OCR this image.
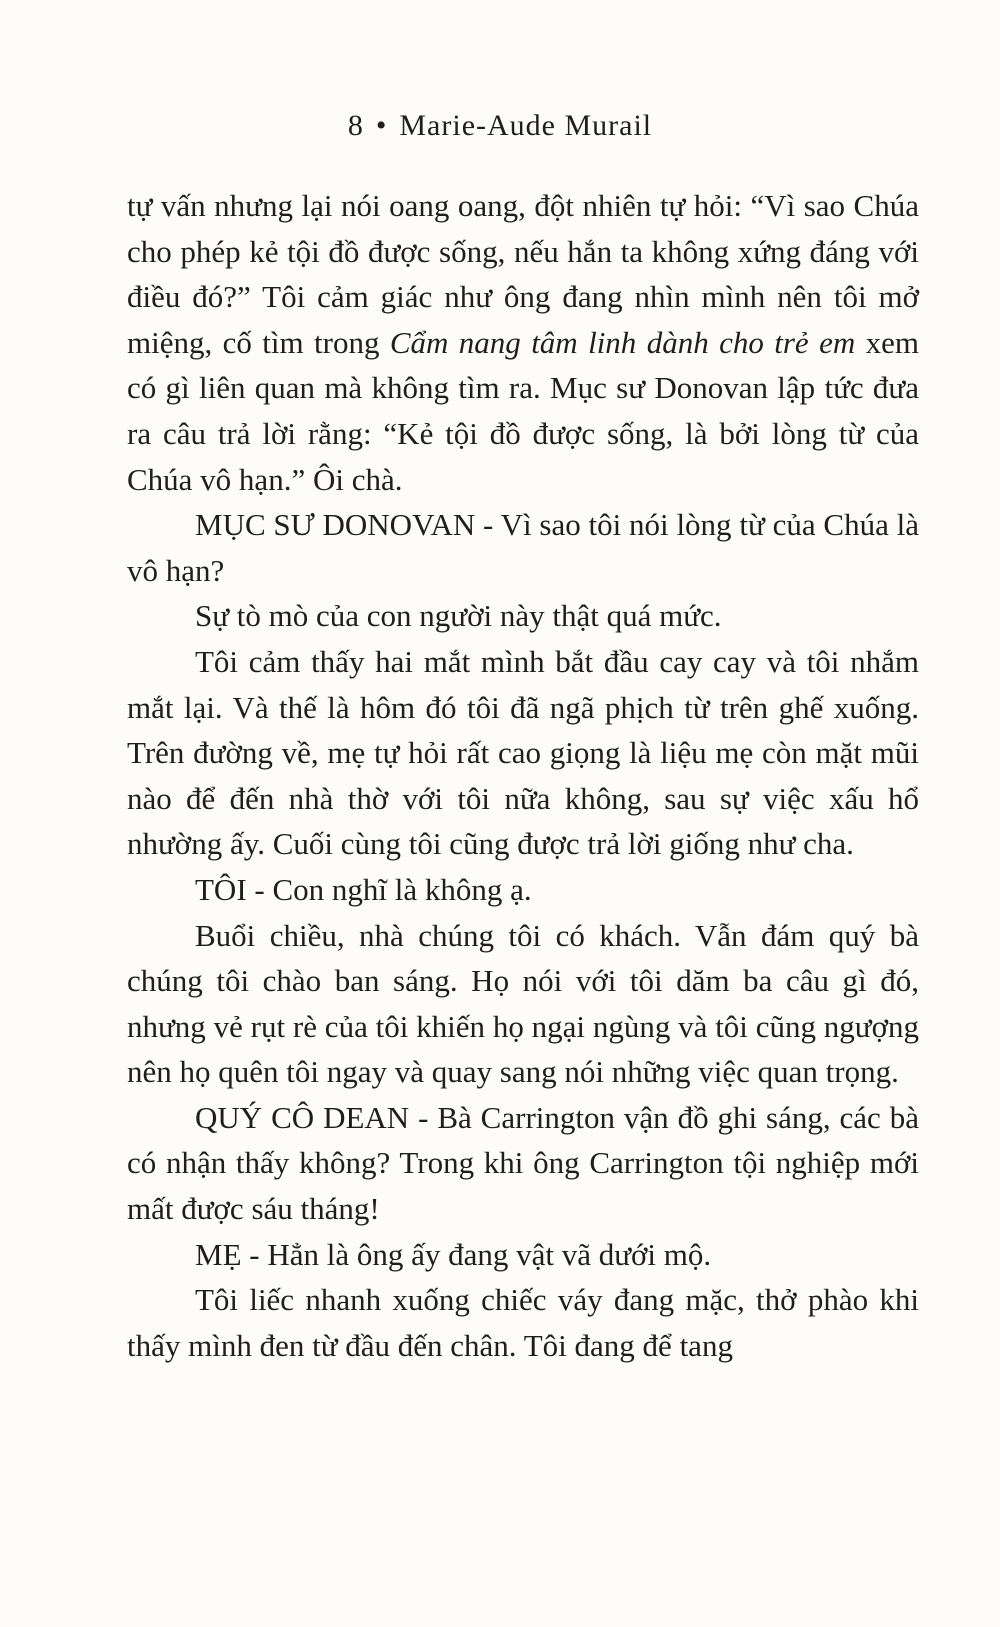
8 • Marie-Aude Murail

tự vấn nhưng lại nói oang oang, đột nhiên tự hỏi: “Vì sao Chúa cho phép kẻ tội đồ được sống, nếu hắn ta không xứng đáng với điều đó?” Tôi cảm giác như ông đang nhìn mình nên tôi mở miệng, cố tìm trong Cẩm nang tâm linh dành cho trẻ em xem có gì liên quan mà không tìm ra. Mục sư Donovan lập tức đưa ra câu trả lời rằng: “Kẻ tội đồ được sống, là bởi lòng từ của Chúa vô hạn.” Ôi chà.

MỤC SƯ DONOVAN - Vì sao tôi nói lòng từ của Chúa là vô hạn?

Sự tò mò của con người này thật quá mức.

Tôi cảm thấy hai mắt mình bắt đầu cay cay và tôi nhắm mắt lại. Và thế là hôm đó tôi đã ngã phịch từ trên ghế xuống. Trên đường về, mẹ tự hỏi rất cao giọng là liệu mẹ còn mặt mũi nào để đến nhà thờ với tôi nữa không, sau sự việc xấu hổ nhường ấy. Cuối cùng tôi cũng được trả lời giống như cha.

TÔI - Con nghĩ là không ạ.

Buổi chiều, nhà chúng tôi có khách. Vẫn đám quý bà chúng tôi chào ban sáng. Họ nói với tôi dăm ba câu gì đó, nhưng vẻ rụt rè của tôi khiến họ ngại ngùng và tôi cũng ngượng nên họ quên tôi ngay và quay sang nói những việc quan trọng.

QUÝ CÔ DEAN - Bà Carrington vận đồ ghi sáng, các bà có nhận thấy không? Trong khi ông Carrington tội nghiệp mới mất được sáu tháng!

MẸ - Hẳn là ông ấy đang vật vã dưới mộ.

Tôi liếc nhanh xuống chiếc váy đang mặc, thở phào khi thấy mình đen từ đầu đến chân. Tôi đang để tang
